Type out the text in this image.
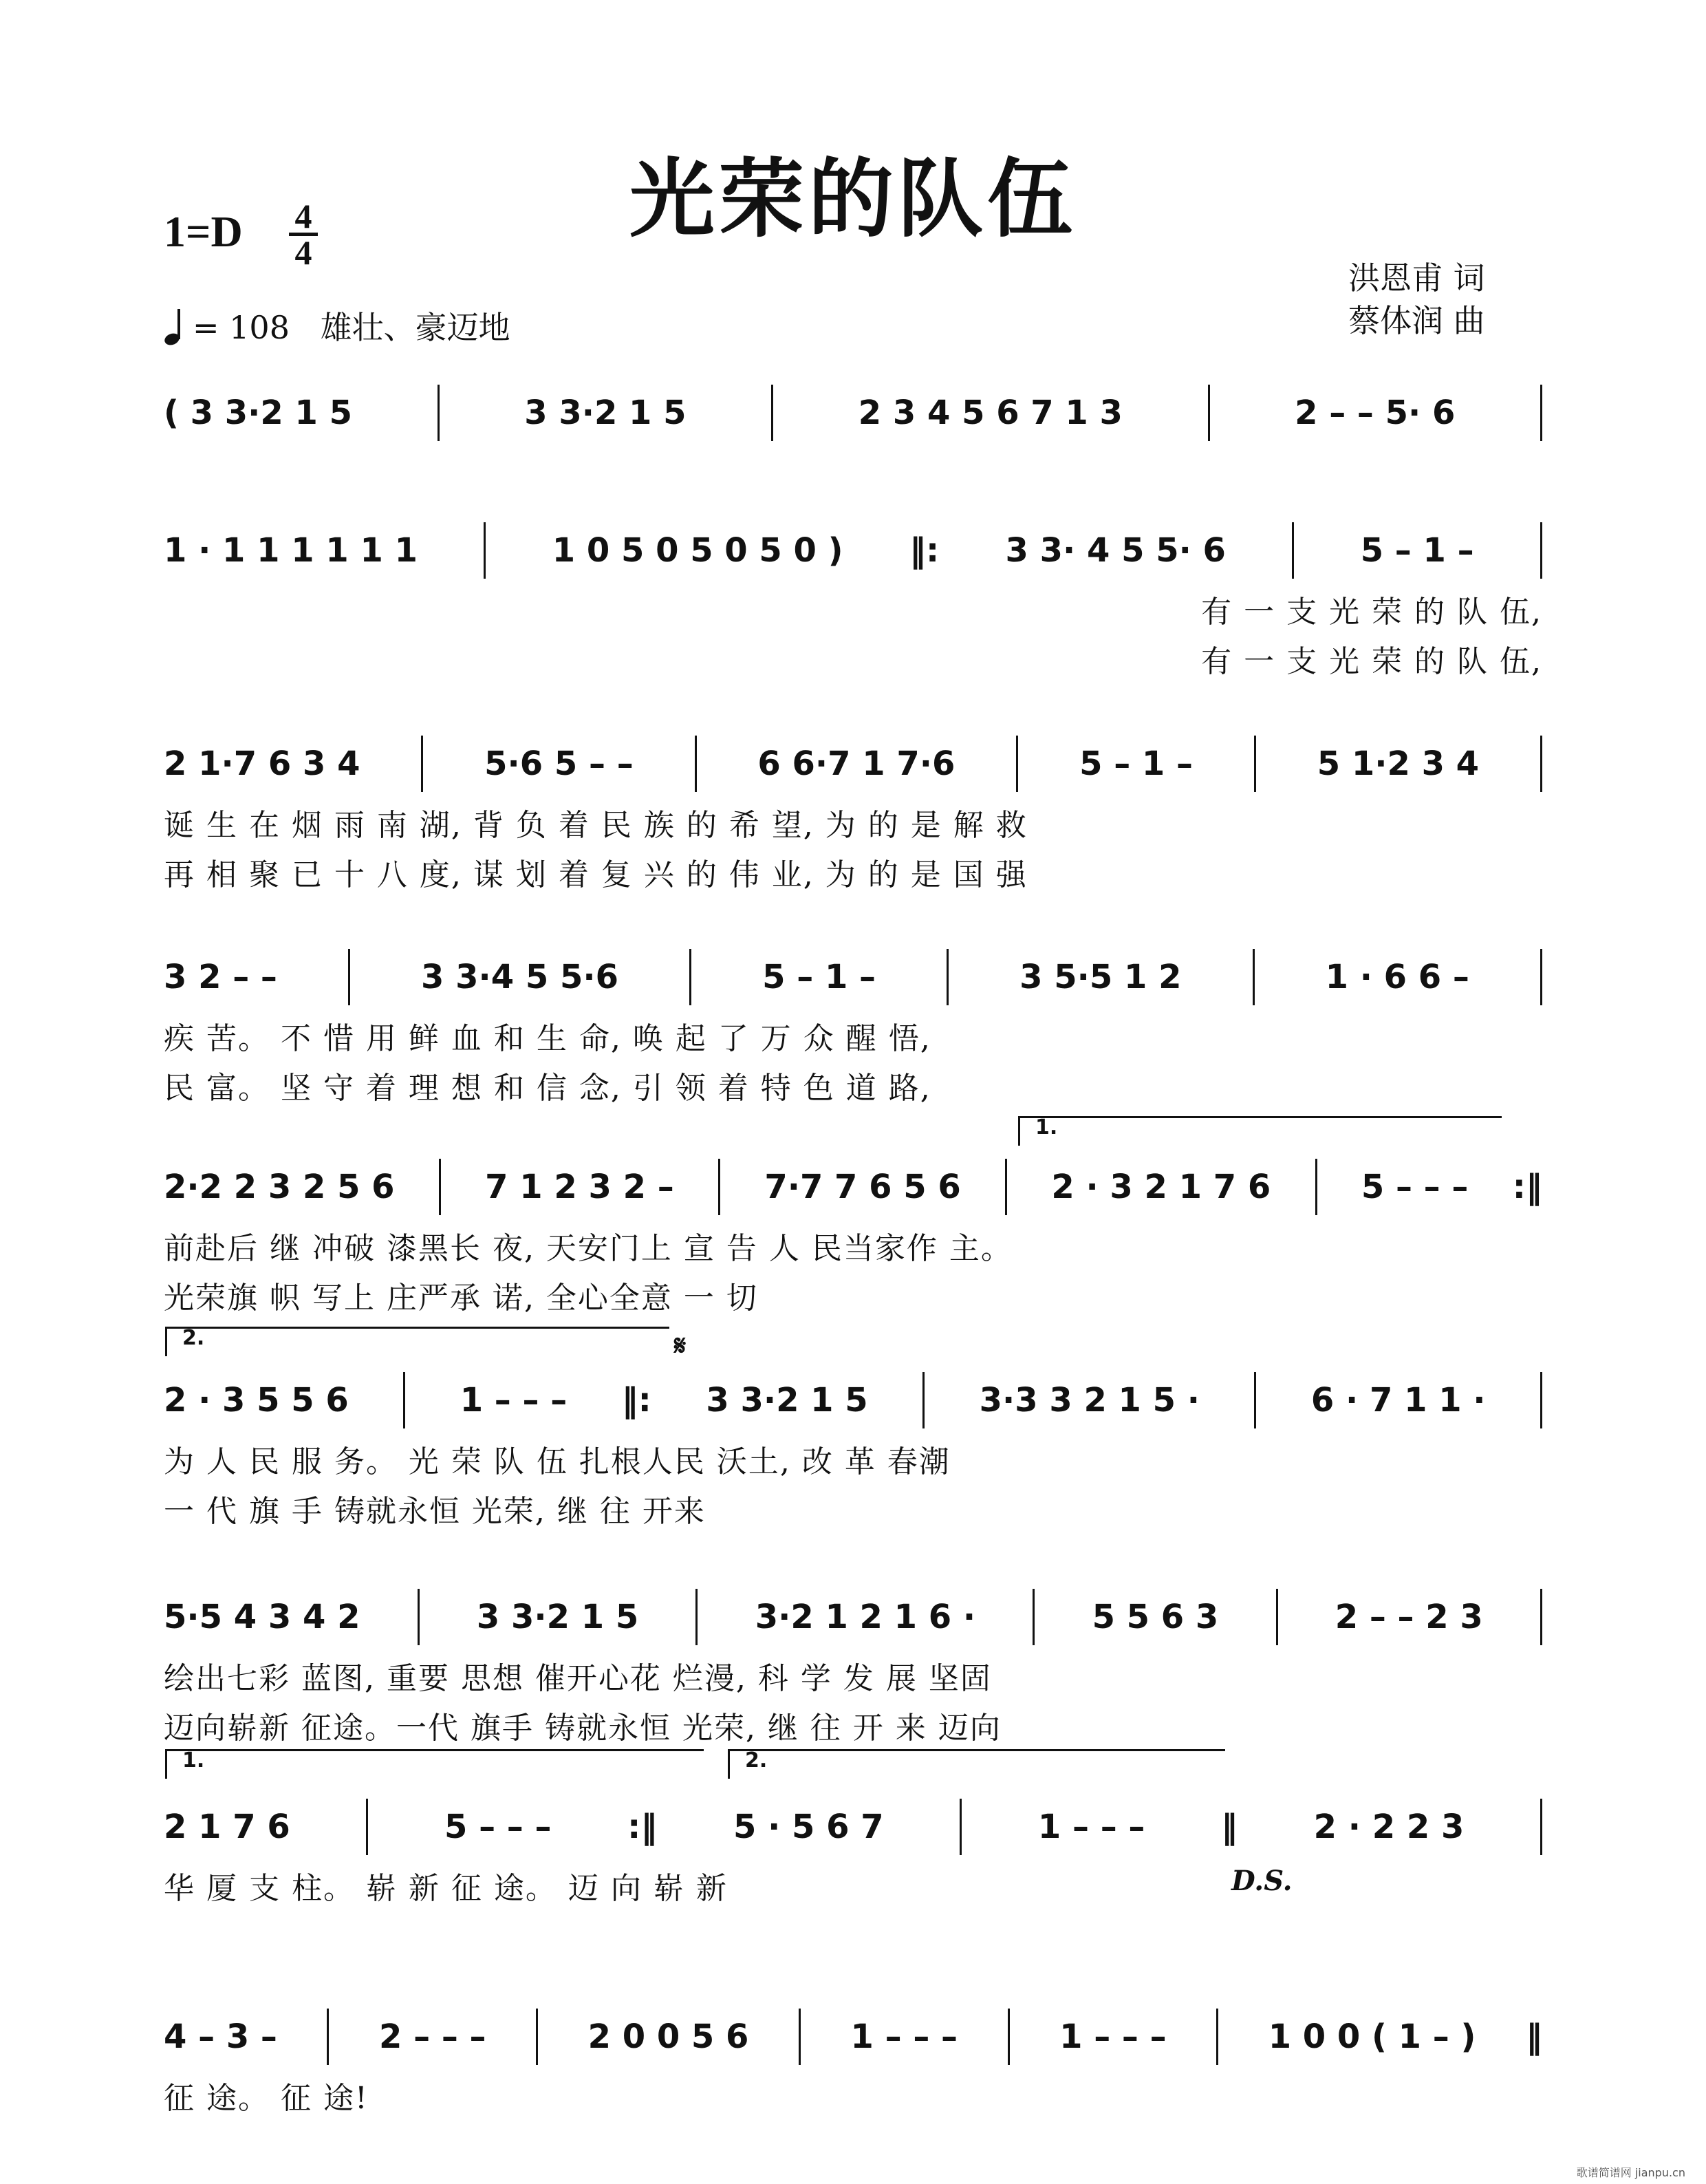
光荣的队伍
1=D 4
4
= 108 雄壮、豪迈地
洪恩甫 词
蔡体润 曲
( 3 3·2 1 5	3 3·2 1 5	2 3 4 5 6 7 1 3	2 – – 5· 6
1 · 1 1 1 1 1 1	1 0 5 0 5 0 5 0 ) ‖: 3 3· 4 5 5· 6	5 – 1 –
有 一 支 光 荣 的 队 伍,
有 一 支 光 荣 的 队 伍,
2 1·7 6 3 4	5·6 5 – –	6 6·7 1 7·6	5 – 1 –	5 1·2 3 4
诞 生 在 烟 雨 南 湖, 背 负 着 民 族 的 希 望, 为 的 是 解 救
再 相 聚 已 十 八 度, 谋 划 着 复 兴 的 伟 业, 为 的 是 国 强
3 2 – –	3 3·4 5 5·6	5 – 1 –	3 5·5 1 2	1 · 6 6 –
疾 苦。 不 惜 用 鲜 血 和 生 命, 唤 起 了 万 众 醒 悟,
民 富。 坚 守 着 理 想 和 信 念, 引 领 着 特 色 道 路,
2·2 2 3 2 5 6	7 1 2 3 2 –	7·7 7 6 5 6	2 · 3 2 1 7 6	5 – – – :‖
前赴后 继 冲破 漆黑长 夜, 天安门上 宣 告 人 民当家作 主。
光荣旗 帜 写上 庄严承 诺, 全心全意 一 切
2 · 3 5 5 6	1 – – – ‖: 3 3·2 1 5	3·3 3 2 1 5 ·	6 · 7 1 1 ·
为 人 民 服 务。 光 荣 队 伍 扎根人民 沃土, 改 革 春潮
一 代 旗 手 铸就永恒 光荣, 继 往 开来
5·5 4 3 4 2	3 3·2 1 5	3·2 1 2 1 6 ·	5 5 6 3	2 – – 2 3
绘出七彩 蓝图, 重要 思想 催开心花 烂漫, 科 学 发 展 坚固
迈向崭新 征途。一代 旗手 铸就永恒 光荣, 继 往 开 来 迈向
2 1 7 6	5 – – – :‖ 5 · 5 6 7	1 – – – ‖ 2 · 2 2 3
华 厦 支 柱。 崭 新 征 途。 迈 向 崭 新
4 – 3 –	2 – – –	2 0 0 5 6	1 – – –	1 – – –	1 0 0 ( 1 – ) ‖
征 途。 征 途!
1.
2.
1.	2.
𝄋
D.S.
歌谱简谱网 jianpu.cn
